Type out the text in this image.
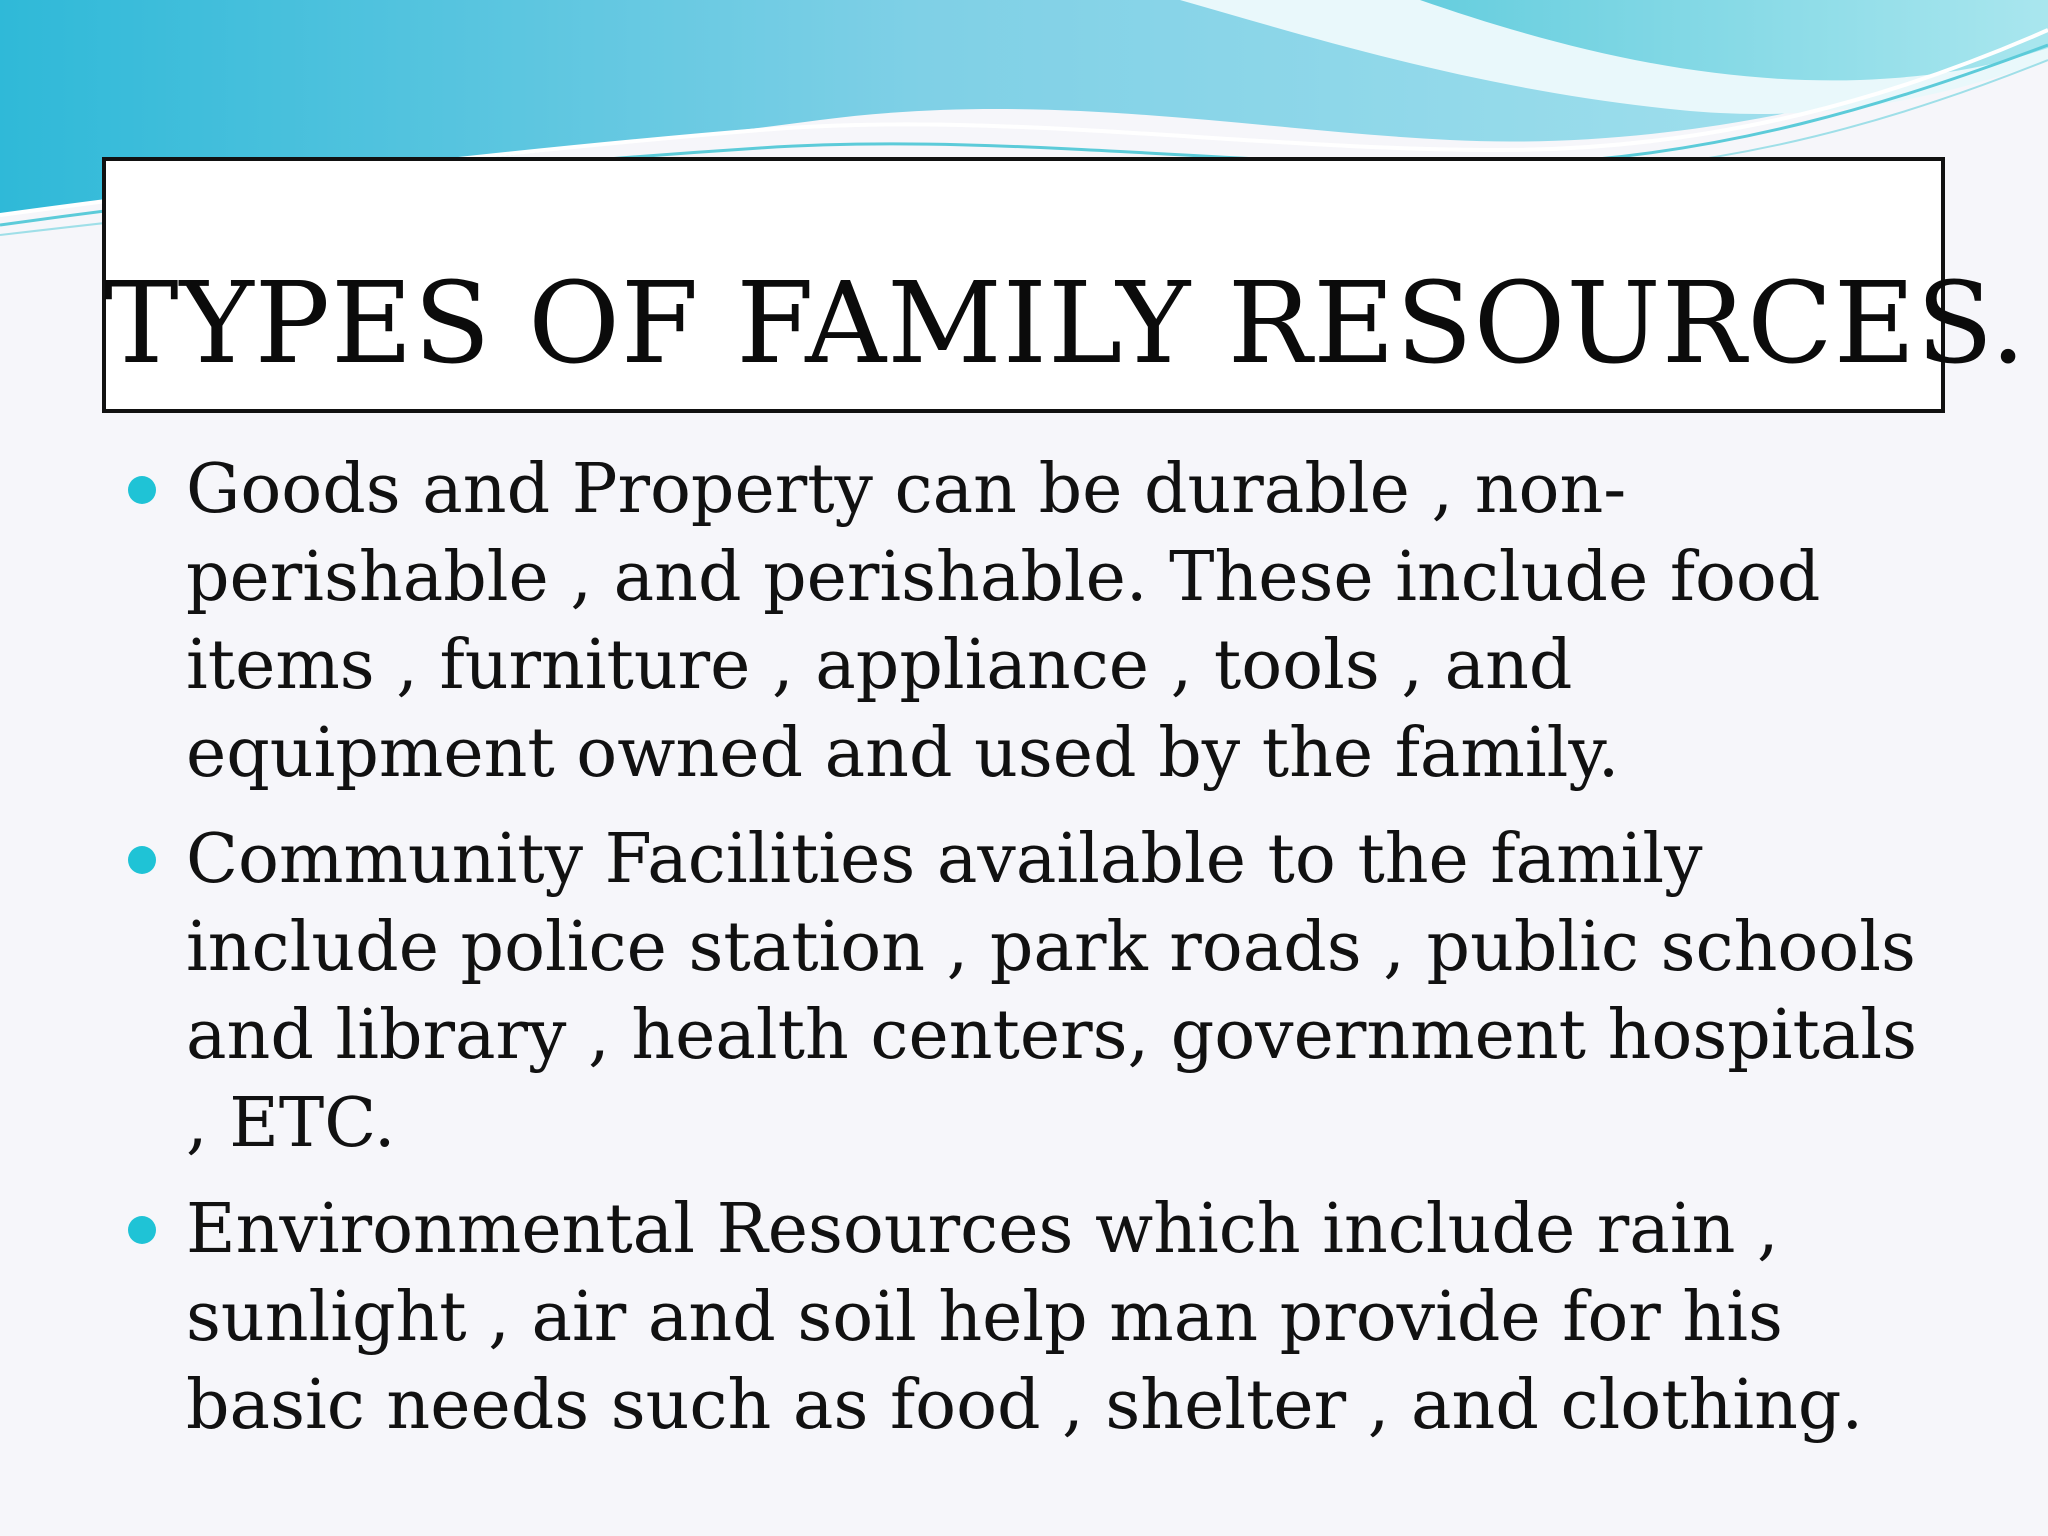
TYPES OF FAMILY RESOURCES.
Goods and Property can be durable , non-perishable , and perishable. These include food items , furniture , appliance , tools , and equipment owned and used by the family.
Community Facilities available to the family include police station , park roads , public schools and library , health centers, government hospitals , ETC.
Environmental Resources which include rain , sunlight , air and soil help man provide for his basic needs such as food , shelter , and clothing.
